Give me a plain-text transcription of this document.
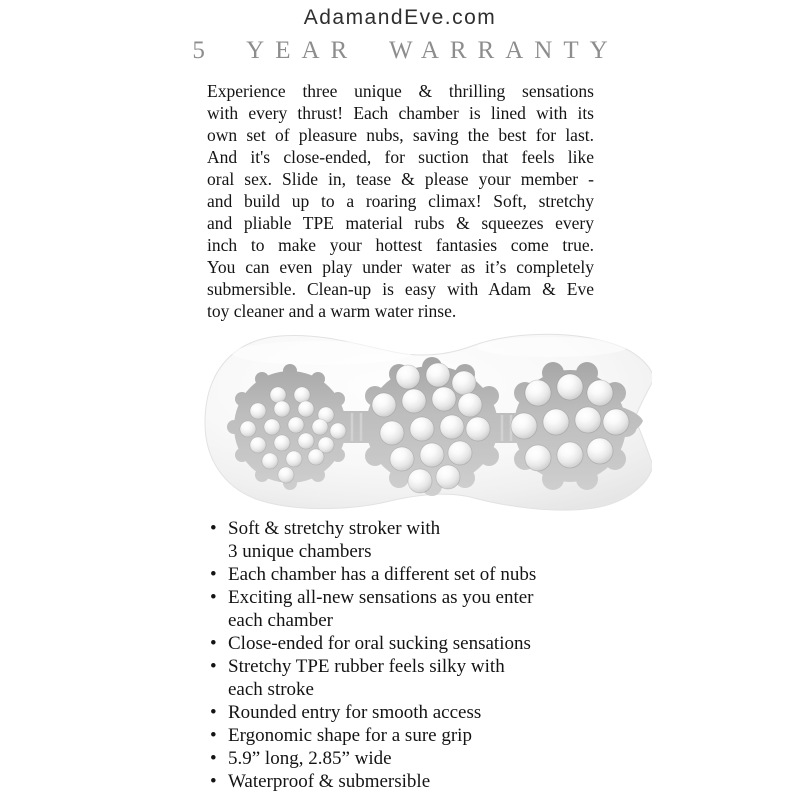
AdamandEve.com
5 YEAR WARRANTY
Experience three unique & thrilling sensations
with every thrust! Each chamber is lined with its
own set of pleasure nubs, saving the best for last.
And it's close-ended, for suction that feels like
oral sex. Slide in, tease & please your member -
and build up to a roaring climax! Soft, stretchy
and pliable TPE material rubs & squeezes every
inch to make your hottest fantasies come true.
You can even play under water as it’s completely
submersible. Clean-up is easy with Adam & Eve
toy cleaner and a warm water rinse.
• Soft & stretchy stroker with
3 unique chambers
• Each chamber has a different set of nubs
• Exciting all-new sensations as you enter
each chamber
• Close-ended for oral sucking sensations
• Stretchy TPE rubber feels silky with
each stroke
• Rounded entry for smooth access
• Ergonomic shape for a sure grip
• 5.9” long, 2.85” wide
• Waterproof & submersible
